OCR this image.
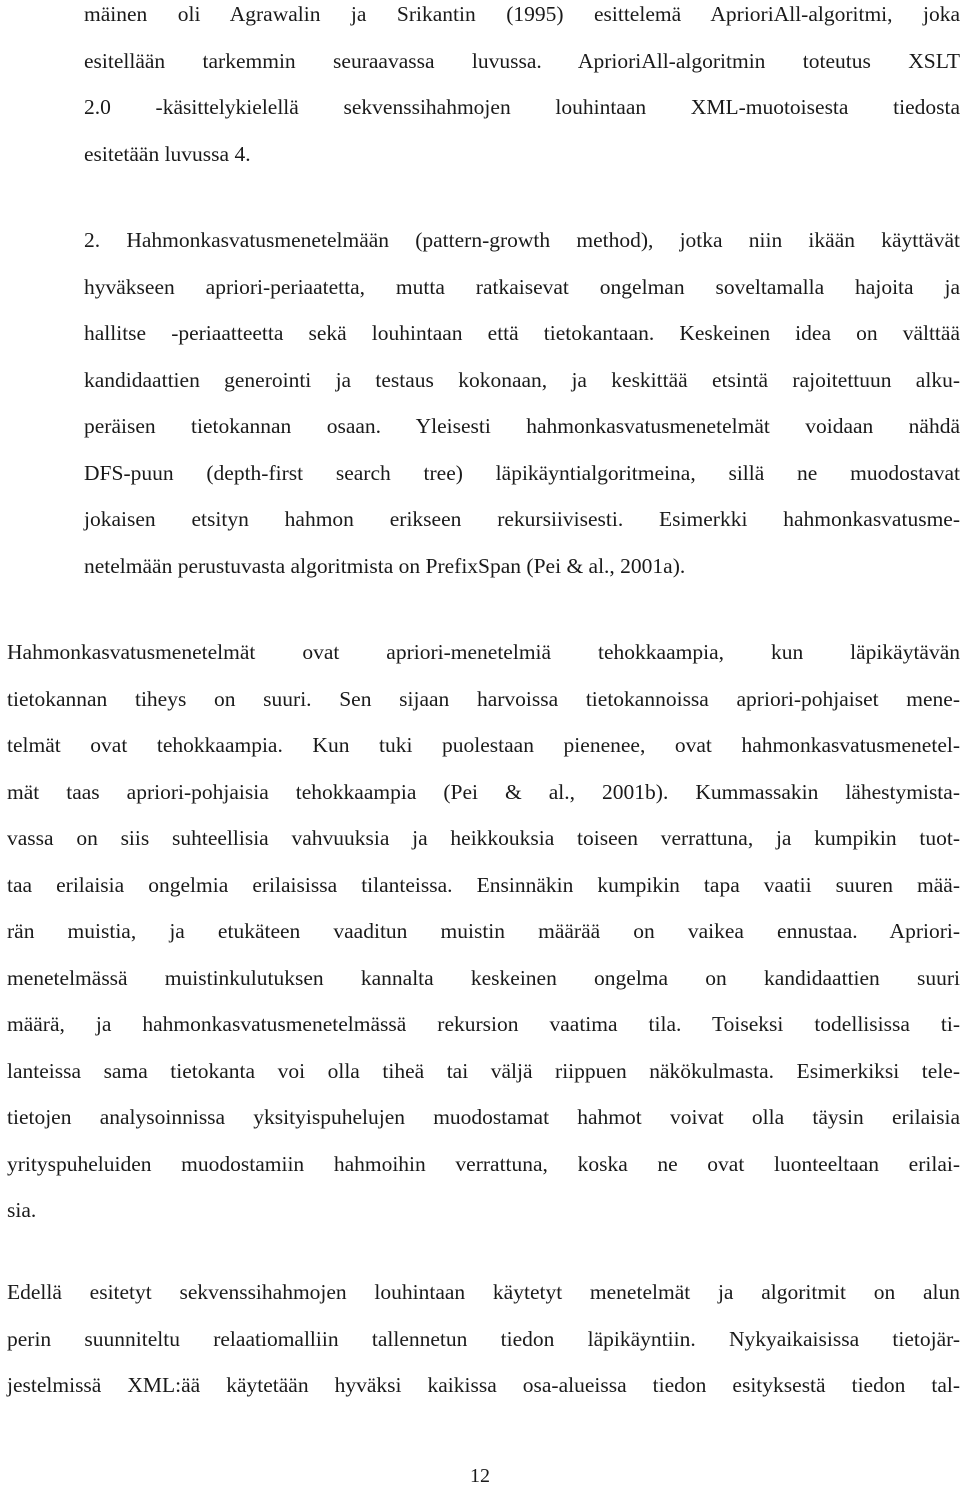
mäinen oli Agrawalin ja Srikantin (1995) esittelemä AprioriAll-algoritmi, joka
esitellään tarkemmin seuraavassa luvussa. AprioriAll-algoritmin toteutus XSLT
2.0 -käsittelykielellä sekvenssihahmojen louhintaan XML-muotoisesta tiedosta
esitetään luvussa 4.
2. Hahmonkasvatusmenetelmään (pattern-growth method), jotka niin ikään käyttävät
hyväkseen apriori-periaatetta, mutta ratkaisevat ongelman soveltamalla hajoita ja
hallitse -periaatteetta sekä louhintaan että tietokantaan. Keskeinen idea on välttää
kandidaattien generointi ja testaus kokonaan, ja keskittää etsintä rajoitettuun alku-
peräisen tietokannan osaan. Yleisesti hahmonkasvatusmenetelmät voidaan nähdä
DFS-puun (depth-first search tree) läpikäyntialgoritmeina, sillä ne muodostavat
jokaisen etsityn hahmon erikseen rekursiivisesti. Esimerkki hahmonkasvatusme-
netelmään perustuvasta algoritmista on PrefixSpan (Pei & al., 2001a).
Hahmonkasvatusmenetelmät ovat apriori-menetelmiä tehokkaampia, kun läpikäytävän
tietokannan tiheys on suuri. Sen sijaan harvoissa tietokannoissa apriori-pohjaiset mene-
telmät ovat tehokkaampia. Kun tuki puolestaan pienenee, ovat hahmonkasvatusmenetel-
mät taas apriori-pohjaisia tehokkaampia (Pei & al., 2001b). Kummassakin lähestymista-
vassa on siis suhteellisia vahvuuksia ja heikkouksia toiseen verrattuna, ja kumpikin tuot-
taa erilaisia ongelmia erilaisissa tilanteissa. Ensinnäkin kumpikin tapa vaatii suuren mää-
rän muistia, ja etukäteen vaaditun muistin määrää on vaikea ennustaa. Apriori-
menetelmässä muistinkulutuksen kannalta keskeinen ongelma on kandidaattien suuri
määrä, ja hahmonkasvatusmenetelmässä rekursion vaatima tila. Toiseksi todellisissa ti-
lanteissa sama tietokanta voi olla tiheä tai väljä riippuen näkökulmasta. Esimerkiksi tele-
tietojen analysoinnissa yksityispuhelujen muodostamat hahmot voivat olla täysin erilaisia
yrityspuheluiden muodostamiin hahmoihin verrattuna, koska ne ovat luonteeltaan erilai-
sia.
Edellä esitetyt sekvenssihahmojen louhintaan käytetyt menetelmät ja algoritmit on alun
perin suunniteltu relaatiomalliin tallennetun tiedon läpikäyntiin. Nykyaikaisissa tietojär-
jestelmissä XML:ää käytetään hyväksi kaikissa osa-alueissa tiedon esityksestä tiedon tal-
12
